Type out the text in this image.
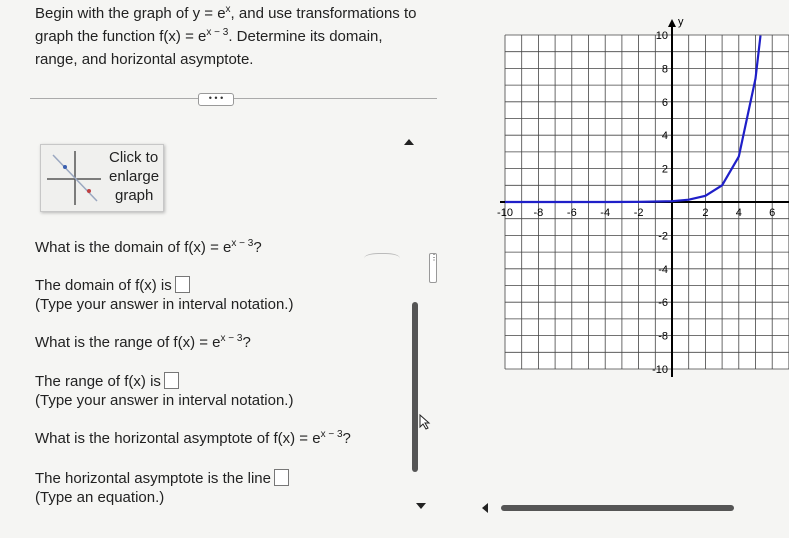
Begin with the graph of $y = e^x$, and use transformations to
graph the function $f(x) = e^{x - 3}$. Determine its domain,
range, and horizontal asymptote.
• • •
Click to
enlarge
graph
⋮
What is the domain of $f(x) = e^{x - 3}$?
The domain of f(x) is
(Type your answer in interval notation.)
What is the range of $f(x) = e^{x - 3}$?
The range of f(x) is
(Type your answer in interval notation.)
What is the horizontal asymptote of $f(x) = e^{x - 3}$?
The horizontal asymptote is the line
(Type an equation.)
y
-10 -8 -6 -4 -2	2 4 6
10
8
6
4
2
-2
-4
-6
-8
-10
